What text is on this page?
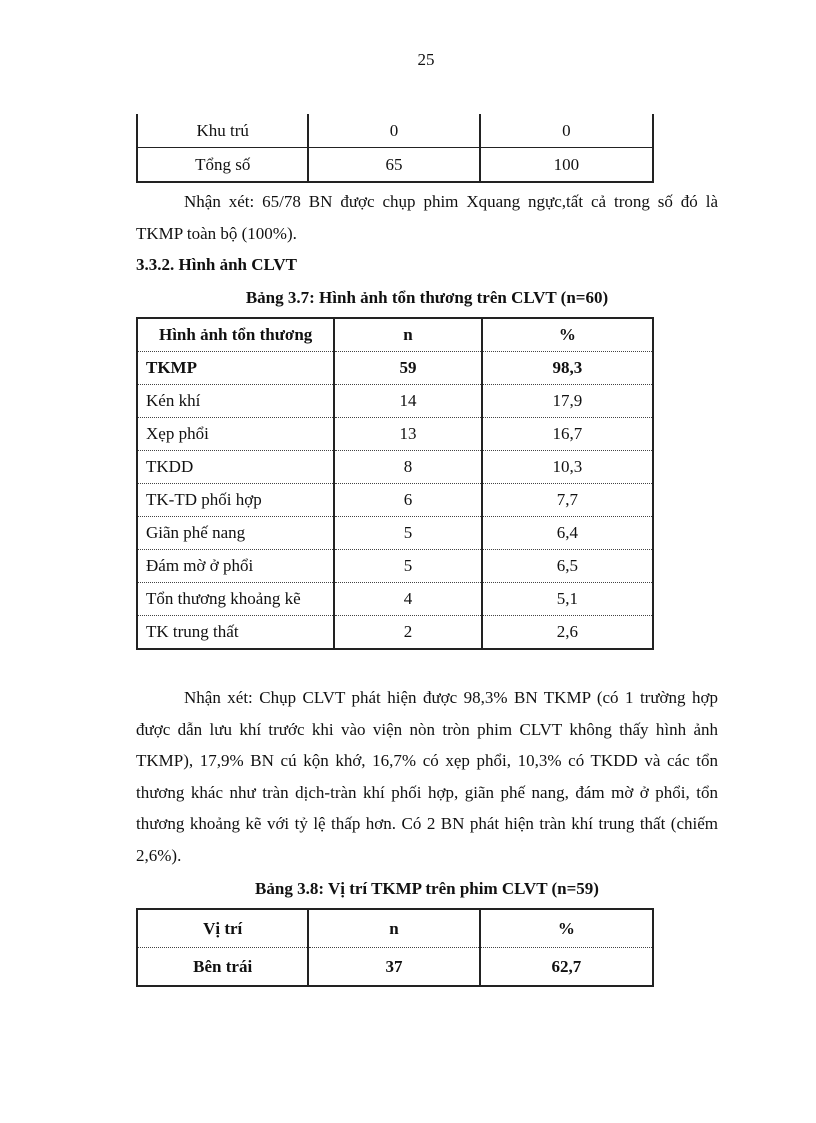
25
Khu trú	0	0
Tổng số	65	100
Nhận xét: 65/78 BN được chụp phim Xquang ngực,tất cả trong số đó là TKMP toàn bộ (100%).
3.3.2. Hình ảnh CLVT
Bảng 3.7: Hình ảnh tổn thương trên CLVT (n=60)
Hình ảnh tổn thương	n	%
TKMP	59	98,3
Kén khí	14	17,9
Xẹp phổi	13	16,7
TKDD	8	10,3
TK-TD phối hợp	6	7,7
Giãn phế nang	5	6,4
Đám mờ ở phổi	5	6,5
Tổn thương khoảng kẽ	4	5,1
TK trung thất	2	2,6
Nhận xét: Chụp CLVT phát hiện được 98,3% BN TKMP (có 1 trường hợp được dẫn lưu khí trước khi vào viện nòn tròn phim CLVT không thấy hình ảnh TKMP), 17,9% BN cú kộn khớ, 16,7% có xẹp phổi, 10,3% có TKDD và các tổn thương khác như tràn dịch-tràn khí phối hợp, giãn phế nang, đám mờ ở phổi, tổn thương khoảng kẽ với tỷ lệ thấp hơn. Có 2 BN phát hiện tràn khí trung thất (chiếm 2,6%).
Bảng 3.8: Vị trí TKMP trên phim CLVT (n=59)
Vị trí	n	%
Bên trái	37	62,7
